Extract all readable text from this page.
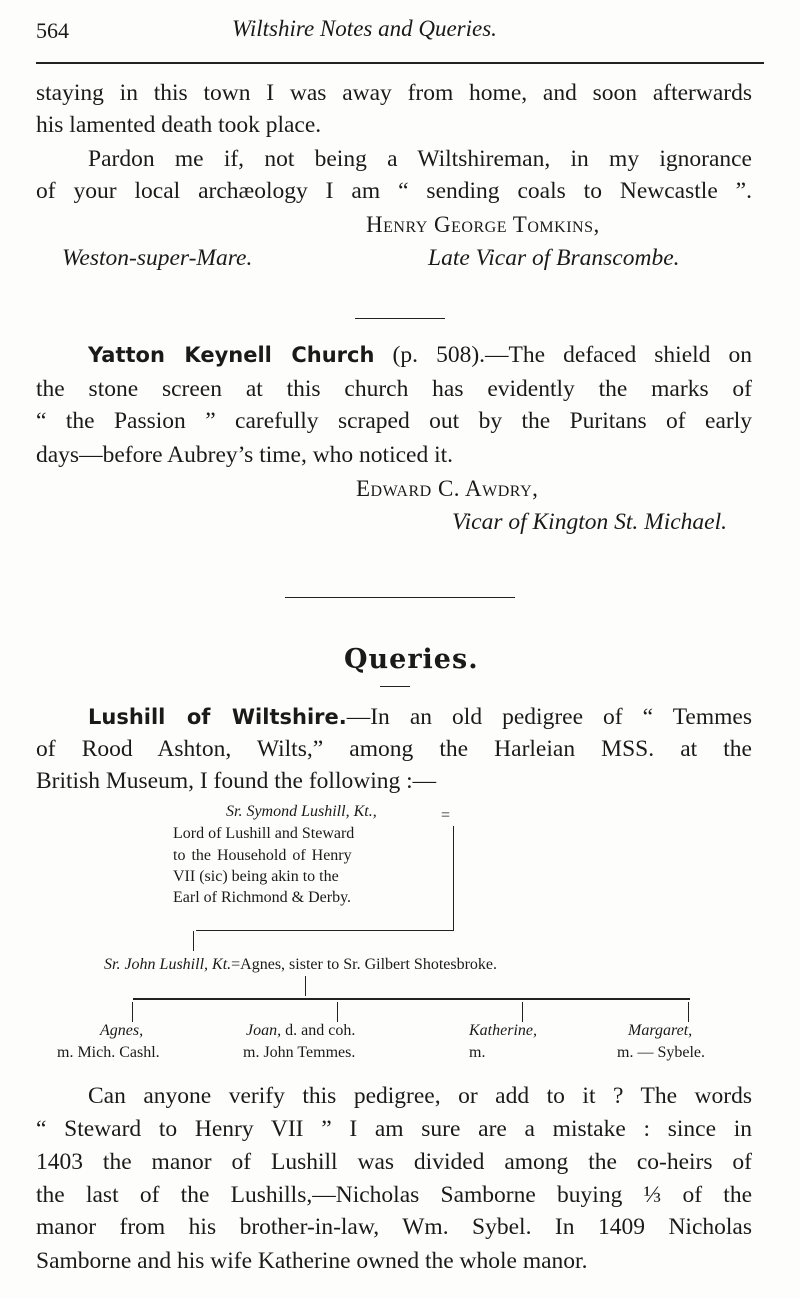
564	Wiltshire Notes and Queries.
staying in this town I was away from home, and soon afterwards
his lamented death took place.
Pardon me if, not being a Wiltshireman, in my ignorance
of your local archæology I am “ sending coals to Newcastle ”.
Henry George Tomkins,
Weston-super-Mare.	Late Vicar of Branscombe.
Yatton Keynell Church (p. 508).—The defaced shield on
the stone screen at this church has evidently the marks of
“ the Passion ” carefully scraped out by the Puritans of early
days—before Aubrey’s time, who noticed it.
Edward C. Awdry,
Vicar of Kington St. Michael.
Queries.
Lushill of Wiltshire.—In an old pedigree of “ Temmes
of Rood Ashton, Wilts,” among the Harleian MSS. at the
British Museum, I found the following :—
Sr. Symond Lushill, Kt.,	=
Lord of Lushill and Steward
to the Household of Henry
VII (sic) being akin to the
Earl of Richmond & Derby.
Sr. John Lushill, Kt.=Agnes, sister to Sr. Gilbert Shotesbroke.
Agnes,
m. Mich. Cashl.
Joan, d. and coh.
m. John Temmes.
Katherine,
m.
Margaret,
m. — Sybele.
Can anyone verify this pedigree, or add to it ? The words
“ Steward to Henry VII ” I am sure are a mistake : since in
1403 the manor of Lushill was divided among the co-heirs of
the last of the Lushills,—Nicholas Samborne buying ⅓ of the
manor from his brother-in-law, Wm. Sybel. In 1409 Nicholas
Samborne and his wife Katherine owned the whole manor.
